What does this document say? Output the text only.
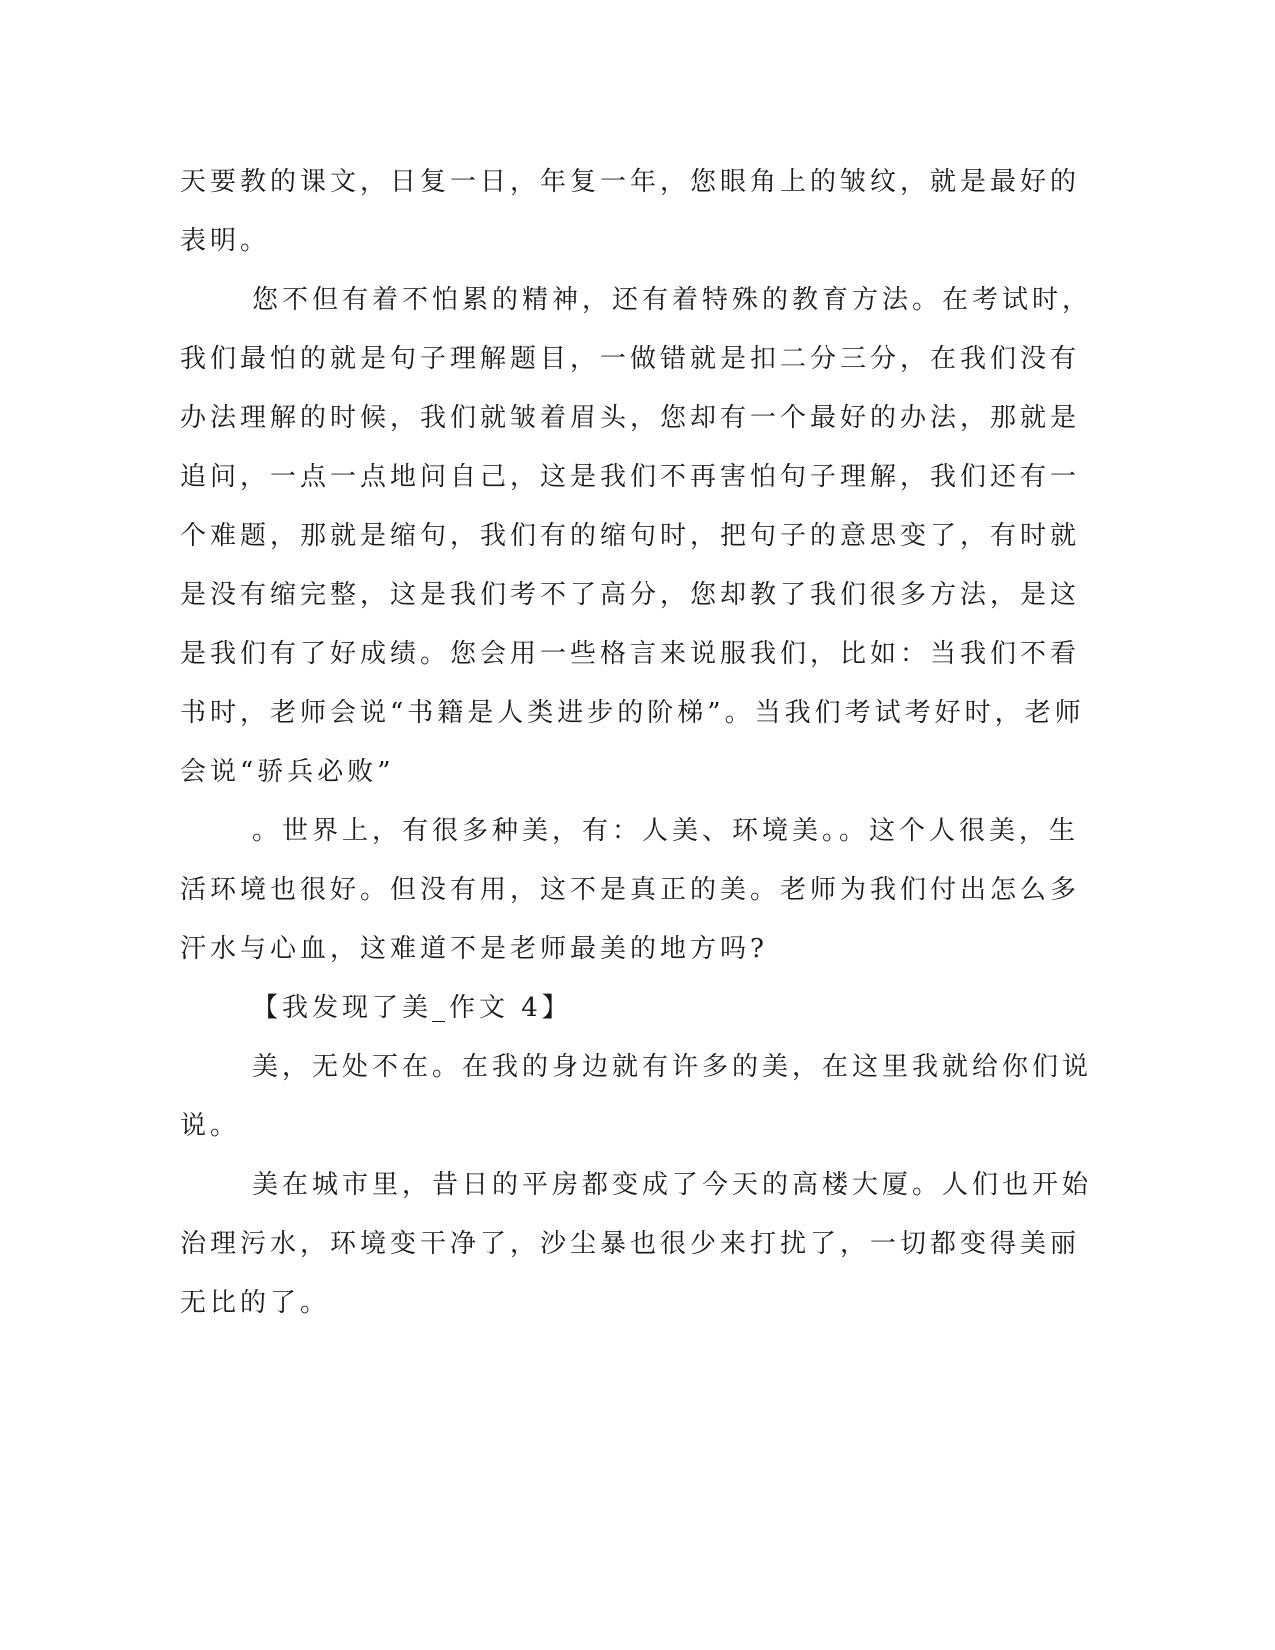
天要教的课文，日复一日，年复一年，您眼角上的皱纹，就是最好的
表明。
您不但有着不怕累的精神，还有着特殊的教育方法。在考试时，
我们最怕的就是句子理解题目，一做错就是扣二分三分，在我们没有
办法理解的时候，我们就皱着眉头，您却有一个最好的办法，那就是
追问，一点一点地问自己，这是我们不再害怕句子理解，我们还有一
个难题，那就是缩句，我们有的缩句时，把句子的意思变了，有时就
是没有缩完整，这是我们考不了高分，您却教了我们很多方法，是这
是我们有了好成绩。您会用一些格言来说服我们，比如：当我们不看
书时，老师会说“书籍是人类进步的阶梯”。当我们考试考好时，老师
会说“骄兵必败”
。世界上，有很多种美，有：人美、环境美。。这个人很美，生
活环境也很好。但没有用，这不是真正的美。老师为我们付出怎么多
汗水与心血，这难道不是老师最美的地方吗?
【我发现了美_作文 4】
美，无处不在。在我的身边就有许多的美，在这里我就给你们说
说。
美在城市里，昔日的平房都变成了今天的高楼大厦。人们也开始
治理污水，环境变干净了，沙尘暴也很少来打扰了，一切都变得美丽
无比的了。
